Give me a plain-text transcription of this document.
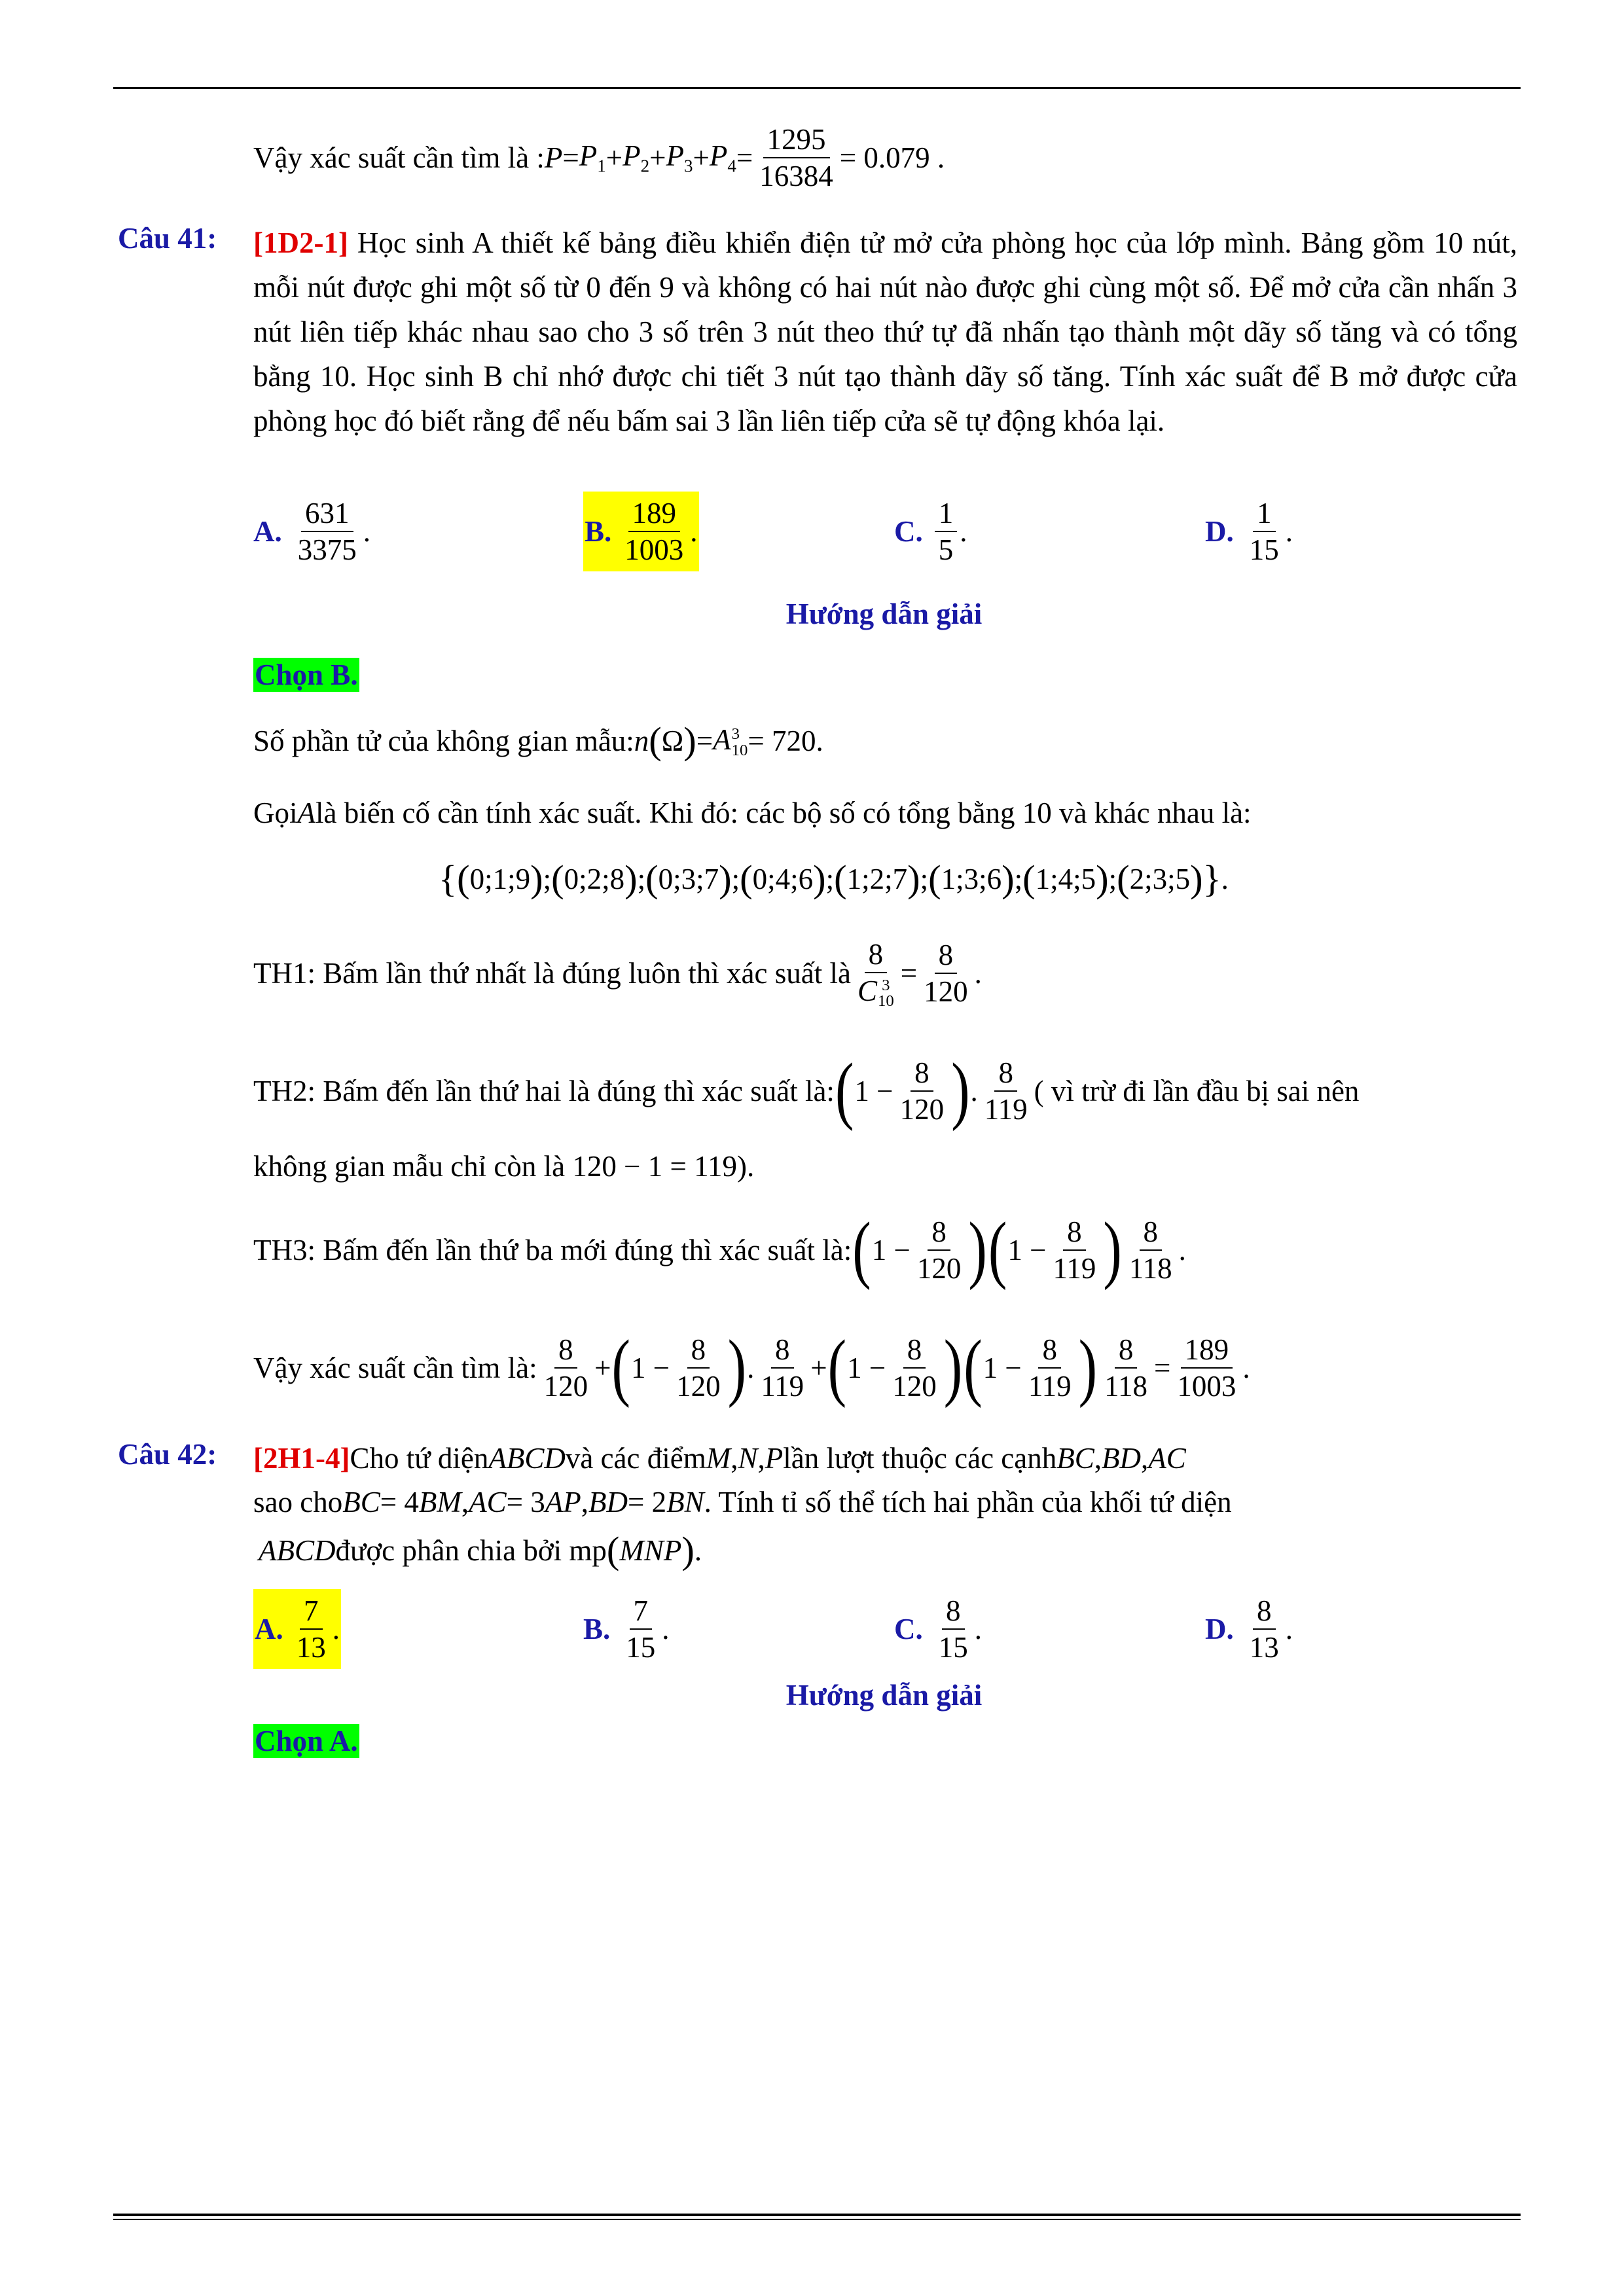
Vậy xác suất cần tìm là : $P = P_1 + P_2 + P_3 + P_4 = \frac{1295}{16384} = 0.079$ .
Câu 41: [1D2-1] Học sinh A thiết kế bảng điều khiển điện tử mở cửa phòng học của lớp mình. Bảng gồm 10 nút, mỗi nút được ghi một số từ 0 đến 9 và không có hai nút nào được ghi cùng một số. Để mở cửa cần nhấn 3 nút liên tiếp khác nhau sao cho 3 số trên 3 nút theo thứ tự đã nhấn tạo thành một dãy số tăng và có tổng bằng 10. Học sinh B chỉ nhớ được chi tiết 3 nút tạo thành dãy số tăng. Tính xác suất để B mở được cửa phòng học đó biết rằng để nếu bấm sai 3 lần liên tiếp cửa sẽ tự động khóa lại.
A. $\frac{631}{3375}$ .	B. $\frac{189}{1003}$ .	C. $\frac{1}{5}$ .	D. $\frac{1}{15}$ .
Hướng dẫn giải
Chọn B.
Số phần tử của không gian mẫu: n ( Ω ) = A 3
10 = 720.
Gọi A là biến cố cần tính xác suất. Khi đó: các bộ số có tổng bằng 10 và khác nhau là:
{ ( 0;1;9 ) ; ( 0;2;8 ) ; ( 0;3;7 ) ; ( 0;4;6 ) ; ( 1;2;7 ) ; ( 1;3;6 ) ; ( 1;4;5 ) ; ( 2;3;5 ) } .
TH1: Bấm lần thứ nhất là đúng luôn thì xác suất là 8
C 3
$10 = \frac{8}{120}$ .
TH2: Bấm đến lần thứ hai là đúng thì xác suất là: ( $1 - \frac{8}{120}$ ) . $\frac{8}{119}$ ( vì trừ đi lần đầu bị sai nên
không gian mẫu chỉ còn là 120 − 1 = 119).
TH3: Bấm đến lần thứ ba mới đúng thì xác suất là: ( $1 - \frac{8}{120}$ ) ( $1 - \frac{8}{119}$ ) $\frac{8}{118}$ .
Vậy xác suất cần tìm là: $\frac{8}{120}$ + ( $1 - \frac{8}{120}$ ) . $\frac{8}{119}$ + ( $1 - \frac{8}{120}$ ) ( $1 - \frac{8}{119}$ ) $\frac{8}{118} = \frac{189}{1003}$ .
Câu 42: [2H1-4] Cho tứ diện ABCD và các điểm M , N , P lần lượt thuộc các cạnh BC , BD , AC
sao cho BC = 4 BM , AC = 3 AP , BD = 2 BN . Tính tỉ số thể tích hai phần của khối tứ diện
ABCD được phân chia bởi mp ( MNP ) .
A. $\frac{7}{13}$ .	B. $\frac{7}{15}$ .	C. $\frac{8}{15}$ .	D. $\frac{8}{13}$ .
Hướng dẫn giải
Chọn A.
